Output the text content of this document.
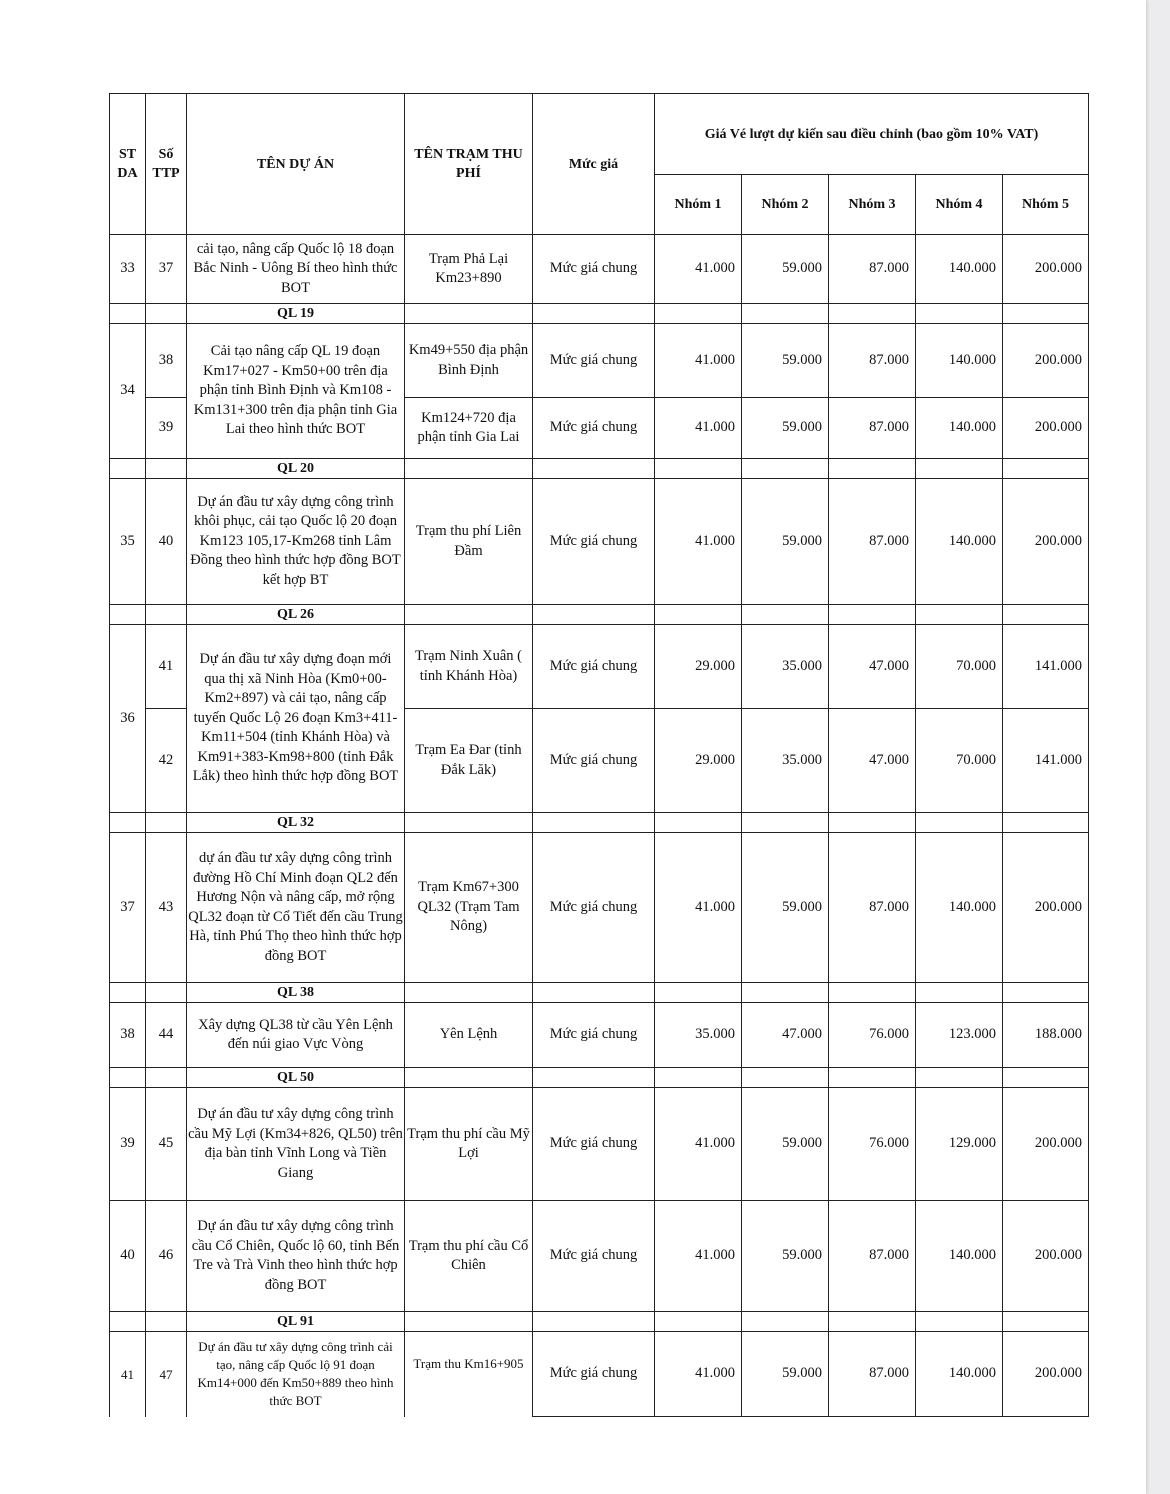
ST DA	Số TTP	TÊN DỰ ÁN	TÊN TRẠM THU PHÍ	Mức giá	Giá Vé lượt dự kiến sau điều chỉnh (bao gồm 10% VAT)				
					Nhóm 1	Nhóm 2	Nhóm 3	Nhóm 4	Nhóm 5
33	37	cải tạo, nâng cấp Quốc lộ 18 đoạn Bắc Ninh - Uông Bí theo hình thức BOT	Trạm Phả Lại Km23+890	Mức giá chung	41.000	59.000	87.000	140.000	200.000
		QL 19							
34	38	Cải tạo nâng cấp QL 19 đoạn Km17+027 - Km50+00 trên địa phận tỉnh Bình Định và Km108 - Km131+300 trên địa phận tỉnh Gia Lai theo hình thức BOT	Km49+550 địa phận Bình Định	Mức giá chung	41.000	59.000	87.000	140.000	200.000
	39		Km124+720 địa phận tỉnh Gia Lai	Mức giá chung	41.000	59.000	87.000	140.000	200.000
		QL 20							
35	40	Dự án đầu tư xây dựng công trình khôi phục, cải tạo Quốc lộ 20 đoạn Km123 105,17-Km268 tỉnh Lâm Đồng theo hình thức hợp đồng BOT kết hợp BT	Trạm thu phí Liên Đầm	Mức giá chung	41.000	59.000	87.000	140.000	200.000
		QL 26							
36	41	Dự án đầu tư xây dựng đoạn mới qua thị xã Ninh Hòa (Km0+00-Km2+897) và cải tạo, nâng cấp tuyến Quốc Lộ 26 đoạn Km3+411-Km11+504 (tỉnh Khánh Hòa) và Km91+383-Km98+800 (tỉnh Đắk Lắk) theo hình thức hợp đồng BOT	Trạm Ninh Xuân ( tỉnh Khánh Hòa)	Mức giá chung	29.000	35.000	47.000	70.000	141.000
	42		Trạm Ea Đar (tỉnh Đắk Lăk)	Mức giá chung	29.000	35.000	47.000	70.000	141.000
		QL 32							
37	43	dự án đầu tư xây dựng công trình đường Hồ Chí Minh đoạn QL2 đến Hương Nộn và nâng cấp, mở rộng QL32 đoạn từ Cổ Tiết đến cầu Trung Hà, tỉnh Phú Thọ theo hình thức hợp đồng BOT	Trạm Km67+300 QL32 (Trạm Tam Nông)	Mức giá chung	41.000	59.000	87.000	140.000	200.000
		QL 38							
38	44	Xây dựng QL38 từ cầu Yên Lệnh đến núi giao Vực Vòng	Yên Lệnh	Mức giá chung	35.000	47.000	76.000	123.000	188.000
		QL 50							
39	45	Dự án đầu tư xây dựng công trình cầu Mỹ Lợi (Km34+826, QL50) trên địa bàn tỉnh Vĩnh Long và Tiền Giang	Trạm thu phí cầu Mỹ Lợi	Mức giá chung	41.000	59.000	76.000	129.000	200.000
40	46	Dự án đầu tư xây dựng công trình cầu Cổ Chiên, Quốc lộ 60, tỉnh Bến Tre và Trà Vinh theo hình thức hợp đồng BOT	Trạm thu phí cầu Cổ Chiên	Mức giá chung	41.000	59.000	87.000	140.000	200.000
		QL 91							
41	47	Dự án đầu tư xây dựng công trình cải tạo, nâng cấp Quốc lộ 91 đoạn Km14+000 đến Km50+889 theo hình thức BOT	Trạm thu Km16+905	Mức giá chung	41.000	59.000	87.000	140.000	200.000
